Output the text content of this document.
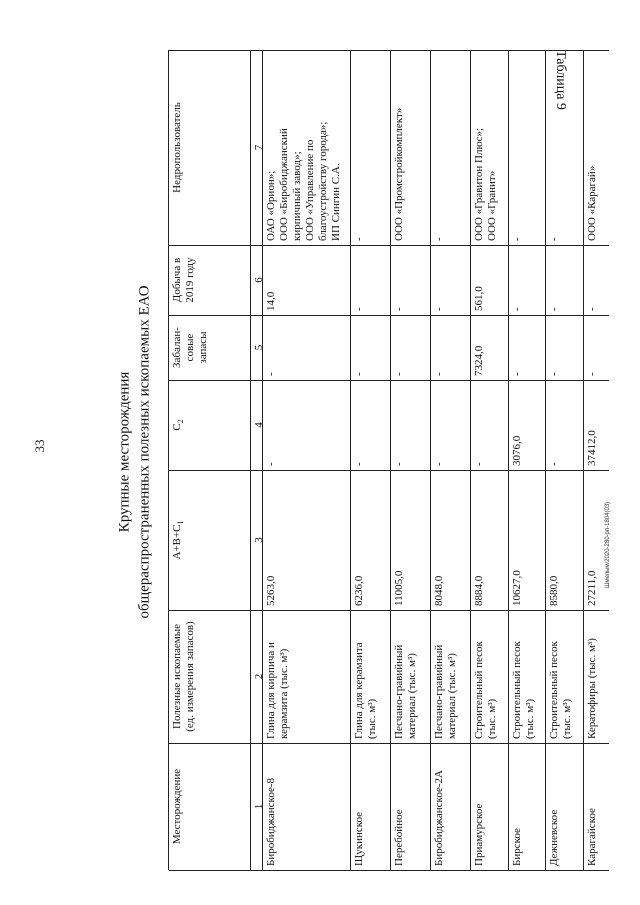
33	Крупные месторождения общераспространенных полезных ископаемых ЕАО
Таблица 9
Шмелым/2020-280-рп-1804(03)
Месторождение
Полезные ископаемые (ед. измерения запасов)
$A+B+C_1$
$C_2$
Забалан- совые запасы
Добыча в 2019 году
Недропользователь
1
2
3
4
5
6
7
Биробиджанское-8
Глина для кирпича и керамзита (тыс. м³)
5263,0
-
-
14,0
ОАО «Орион»; ООО «Биробиджанский кирпичный завод»; ООО «Управление по благоустройству города»; ИП Сингин С.А.
Щукинское
Глина для керамзита (тыс. м³)
6236,0
-
-
-
-
Перебойное
Песчано-гравийный материал (тыс. м³)
11005,0
-
-
-
ООО «Промстройкомплект»
Биробиджанское-2А
Песчано-гравийный материал (тыс. м³)
8048,0
-
-
-
-
Приамурское
Строительный песок (тыс. м³)
8884,0
-
7324,0
561,0
ООО «Гравитон Плюс»; ООО «Гранит»
Бирское
Строительный песок (тыс. м³)
10627,0
3076,0
-
-
-
Дежневское
Строительный песок (тыс. м³)
8580,0
-
-
-
-
Карагайское
Кератофиры (тыс. м³)
27211,0
37412,0
-
-
ООО «Карагай»
